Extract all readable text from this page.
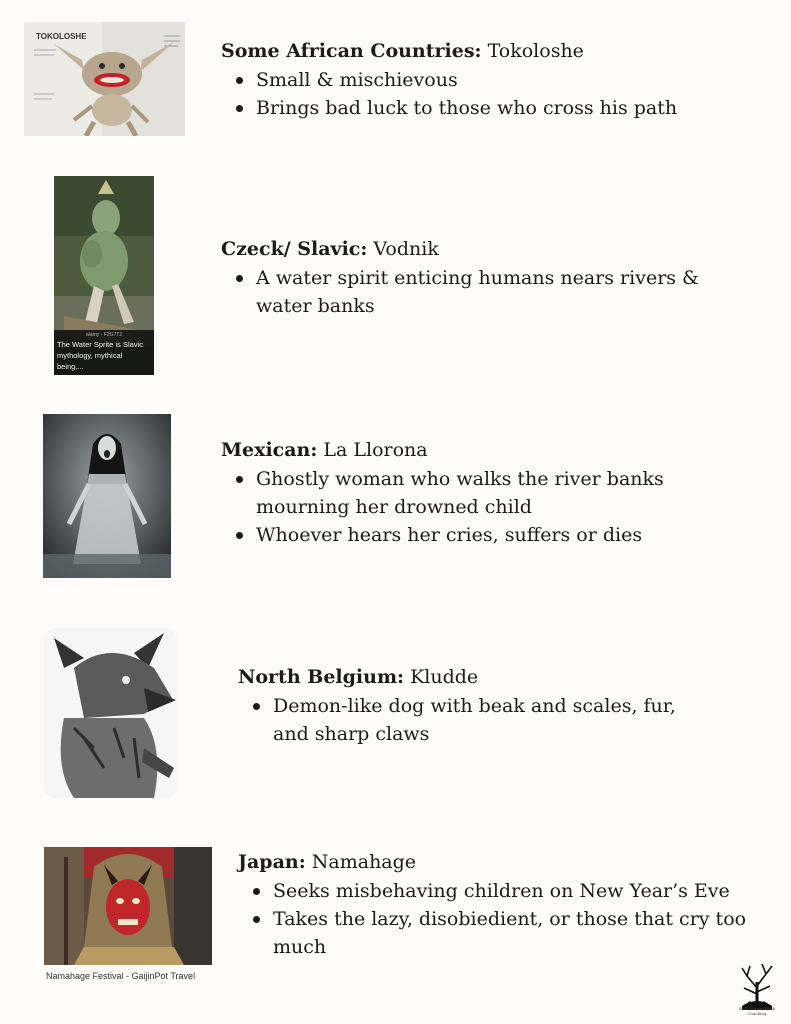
TOKOLOSHE
Some African Countries: Tokoloshe
Small & mischievous
Brings bad luck to those who cross his path
alamy - F2G7T2
The Water Sprite is Slavic mythology, mythical being,...
Czeck/ Slavic: Vodnik
A water spirit enticing humans nears rivers & water banks
Mexican: La Llorona
Ghostly woman who walks the river banks mourning her drowned child
Whoever hears her cries, suffers or dies
North Belgium: Kludde
Demon-like dog with beak and scales, fur, and sharp claws
Namahage Festival - GaijinPot Travel
Japan: Namahage
Seeks misbehaving children on New Year’s Eve
Takes the lazy, disobiedient, or those that cry too much
RAD Nature Book Coaching
